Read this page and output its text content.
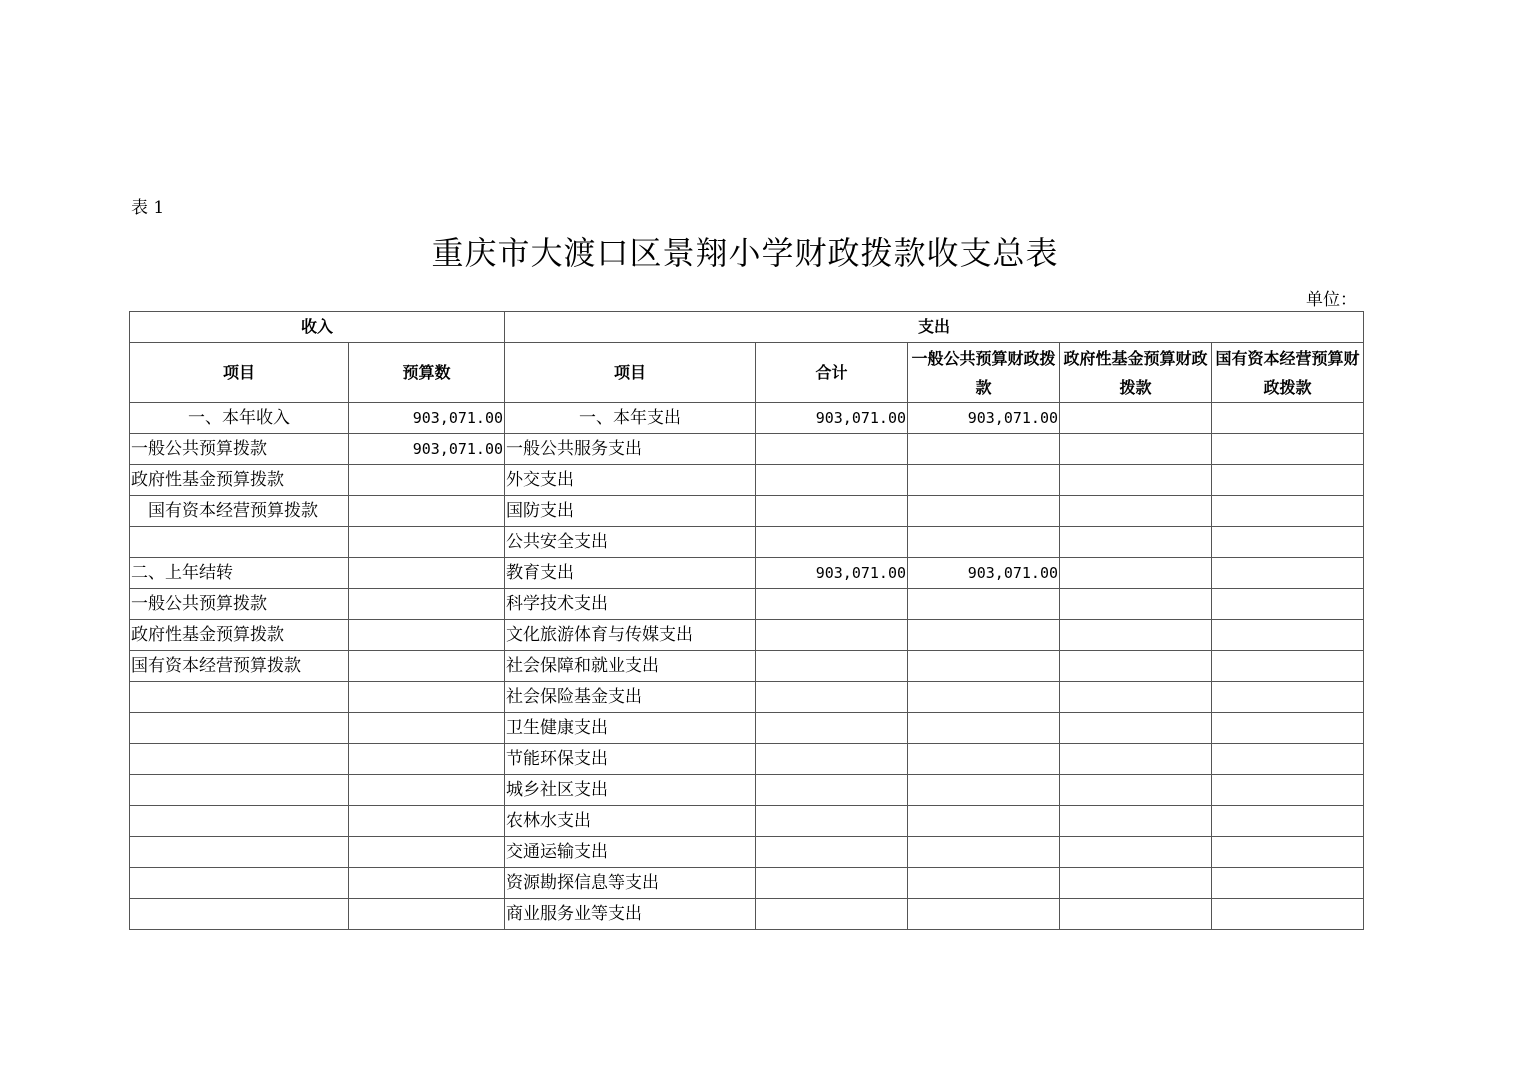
表 1
重庆市大渡口区景翔小学财政拨款收支总表
单位：
收入		支出				
项目	预算数	项目	合计	一般公共预算财政拨款	政府性基金预算财政拨款	国有资本经营预算财政拨款
一、本年收入	903,071.00	一、本年支出	903,071.00	903,071.00		
一般公共预算拨款	903,071.00	一般公共服务支出				
政府性基金预算拨款		外交支出				
国有资本经营预算拨款		国防支出				
		公共安全支出				
二、上年结转		教育支出	903,071.00	903,071.00		
一般公共预算拨款		科学技术支出				
政府性基金预算拨款		文化旅游体育与传媒支出				
国有资本经营预算拨款		社会保障和就业支出				
		社会保险基金支出				
		卫生健康支出				
		节能环保支出				
		城乡社区支出				
		农林水支出				
		交通运输支出				
		资源勘探信息等支出				
		商业服务业等支出				
